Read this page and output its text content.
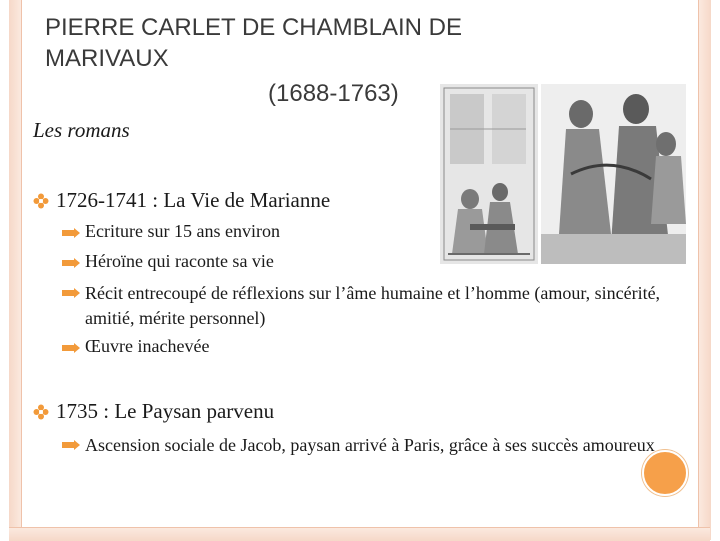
PIERRE CARLET DE CHAMBLAIN DE
MARIVAUX
(1688-1763)
Les romans
1726-1741 : La Vie de Marianne
Ecriture sur 15 ans environ
Héroïne qui raconte sa vie
Récit entrecoupé de réflexions sur l’âme humaine et l’homme (amour, sincérité, amitié, mérite personnel)
Œuvre inachevée
1735 : Le Paysan parvenu
Ascension sociale de Jacob, paysan arrivé à Paris, grâce à ses succès amoureux
